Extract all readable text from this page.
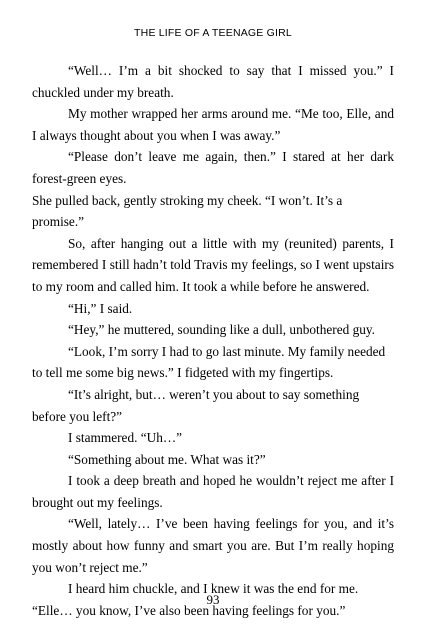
THE LIFE OF A TEENAGE GIRL

“Well… I’m a bit shocked to say that I missed you.” I chuckled under my breath.

My mother wrapped her arms around me. “Me too, Elle, and I always thought about you when I was away.”

“Please don’t leave me again, then.” I stared at her dark forest-green eyes.

She pulled back, gently stroking my cheek. “I won’t. It’s a promise.”

So, after hanging out a little with my (reunited) parents, I remembered I still hadn’t told Travis my feelings, so I went upstairs to my room and called him. It took a while before he answered.

“Hi,” I said.

“Hey,” he muttered, sounding like a dull, unbothered guy.

“Look, I’m sorry I had to go last minute. My family needed to tell me some big news.” I fidgeted with my fingertips.

“It’s alright, but… weren’t you about to say something before you left?”

I stammered. “Uh…”

“Something about me. What was it?”

I took a deep breath and hoped he wouldn’t reject me after I brought out my feelings.

“Well, lately… I’ve been having feelings for you, and it’s mostly about how funny and smart you are. But I’m really hoping you won’t reject me.”

I heard him chuckle, and I knew it was the end for me.

“Elle… you know, I’ve also been having feelings for you.”

93
